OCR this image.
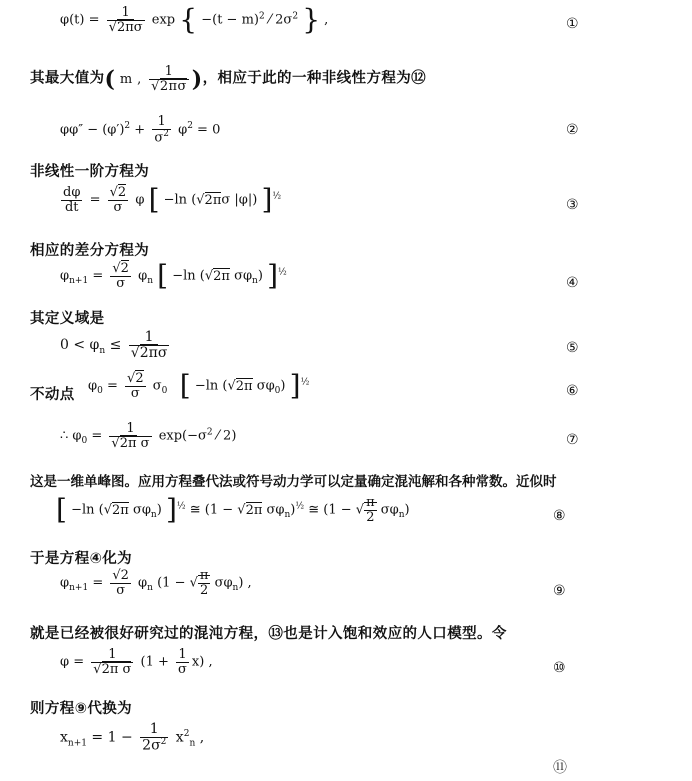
$\varphi(t) = \frac{1}{√2\pi\sigma}$ exp { $-(t - m)^2$ ⁄ $2\sigma^2$ } ,	①
其最大值为( m , $\frac{1}{√2\pi\sigma}$ )，相应于此的一种非线性方程为⑫
$\varphi\varphi'' - (\varphi')^2 + \frac{1}{\sigma^2} \varphi^2 = 0$	②
非线性一阶方程为
$\frac{d\varphi}{dt} = \frac{√2}{\sigma}$ φ [ −ln (√2πσ |φ|) ]$^{\frac{1}{2}}$
③
相应的差分方程为
$\varphi_{n+1} = \frac{√2}{\sigma} \varphi_n$ [ −ln (√2π $\sigma\varphi_n$) ]$^{\frac{1}{2}}$
④
其定义域是
$0 < \varphi_n \le \frac{1}{√2\pi\sigma}$	⑤
不动点
$\varphi_0 = \frac{√2}{\sigma} \sigma_0$ [ −ln (√2π $\sigma\varphi_0$) ]$^{\frac{1}{2}}$
⑥
∴ $\varphi_0 = \frac{1}{\text{√2π σ}} \exp(-\sigma^2$ ⁄ 2)	⑦
这是一维单峰图。应用方程叠代法或符号动力学可以定量确定混沌解和各种常数。近似时
[ −ln (√2π $\sigma\varphi_n$) ]$^{\frac{1}{2}}$ ≅ (1 − √2π $\sigma\varphi_n)^{\frac{1}{2}}$ ≅ (1 − √ $\frac{\pi}{2} \sigma\varphi_n$)	⑧
于是方程④化为
$\varphi_{n+1} = \frac{√2}{\sigma} \varphi_n$ (1 − √ $\frac{\pi}{2} \sigma\varphi_n$) ,	⑨
就是已经被很好研究过的混沌方程，⑬也是计入饱和效应的人口模型。令
$\varphi = \frac{1}{\text{√2π σ}} (1 + \frac{1}{\sigma} x)$ ,	⑩
则方程⑨代换为
$x_{n+1} = 1 - \frac{1}{2\sigma^2} x^2_n$ ,
⑪
